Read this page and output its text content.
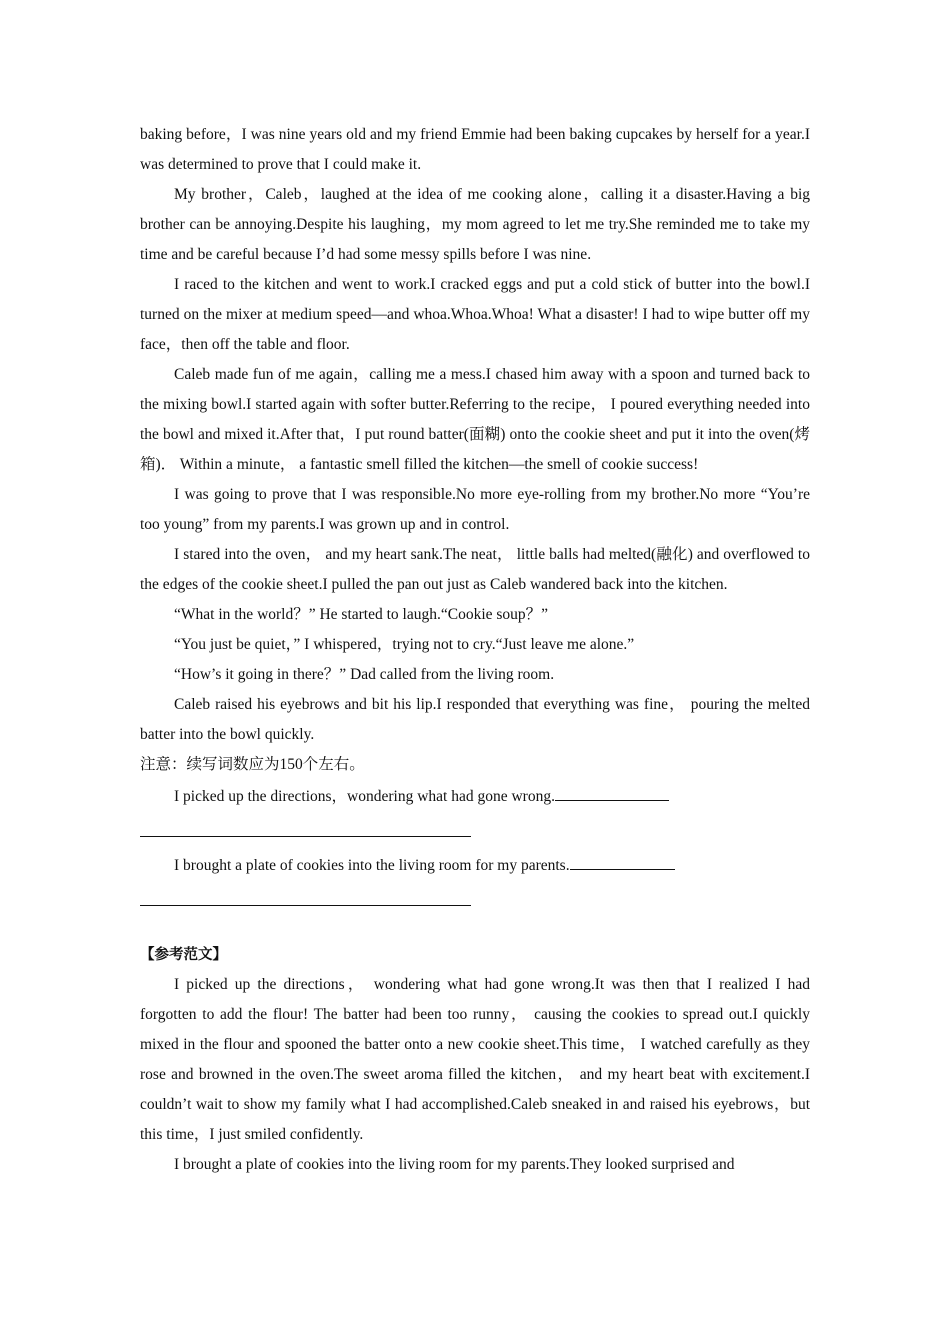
baking before，I was nine years old and my friend Emmie had been baking cupcakes by herself for a year.I was determined to prove that I could make it.

My brother，Caleb，laughed at the idea of me cooking alone，calling it a disaster.Having a big brother can be annoying.Despite his laughing，my mom agreed to let me try.She reminded me to take my time and be careful because I’d had some messy spills before I was nine.

I raced to the kitchen and went to work.I cracked eggs and put a cold stick of butter into the bowl.I turned on the mixer at medium speed—and whoa.Whoa.Whoa! What a disaster! I had to wipe butter off my face，then off the table and floor.

Caleb made fun of me again，calling me a mess.I chased him away with a spoon and turned back to the mixing bowl.I started again with softer butter.Referring to the recipe， I poured everything needed into the bowl and mixed it.After that，I put round batter(面糊) onto the cookie sheet and put it into the oven(烤箱)． Within a minute， a fantastic smell filled the kitchen—the smell of cookie success!

I was going to prove that I was responsible.No more eye-rolling from my brother.No more “You’re too young” from my parents.I was grown up and in control.

I stared into the oven， and my heart sank.The neat， little balls had melted(融化) and overflowed to the edges of the cookie sheet.I pulled the pan out just as Caleb wandered back into the kitchen.

“What in the world？” He started to laugh.“Cookie soup？”

“You just be quiet，” I whispered，trying not to cry.“Just leave me alone.”

“How’s it going in there？” Dad called from the living room.

Caleb raised his eyebrows and bit his lip.I responded that everything was fine， pouring the melted batter into the bowl quickly.

注意：续写词数应为150个左右。

I picked up the directions，wondering what had gone wrong.

I brought a plate of cookies into the living room for my parents.

【参考范文】

I picked up the directions， wondering what had gone wrong.It was then that I realized I had forgotten to add the flour! The batter had been too runny， causing the cookies to spread out.I quickly mixed in the flour and spooned the batter onto a new cookie sheet.This time， I watched carefully as they rose and browned in the oven.The sweet aroma filled the kitchen， and my heart beat with excitement.I couldn’t wait to show my family what I had accomplished.Caleb sneaked in and raised his eyebrows，but this time，I just smiled confidently.

I brought a plate of cookies into the living room for my parents.They looked surprised and
